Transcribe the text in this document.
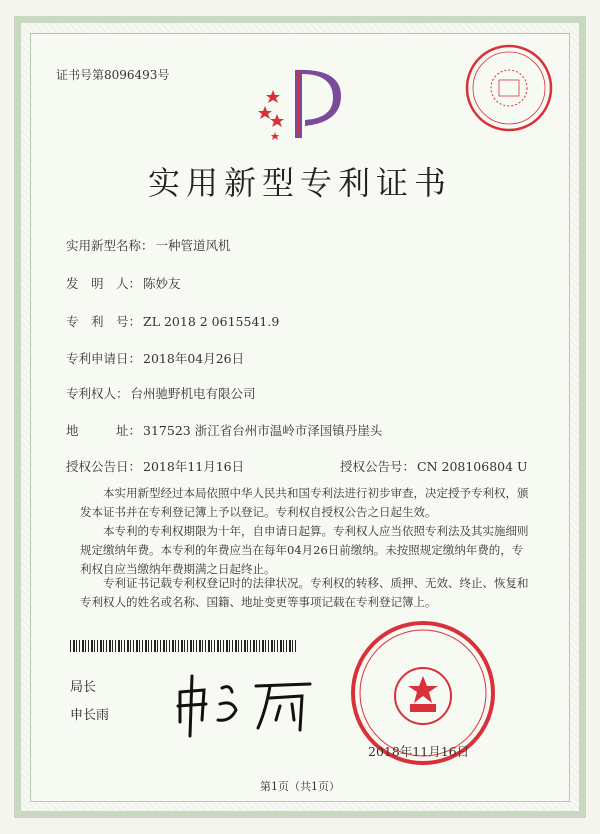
证书号第8096493号
实用新型专利证书
实用新型名称： 一种管道风机
发　明　人： 陈妙友
专　利　号： ZL 2018 2 0615541.9
专利申请日： 2018年04月26日
专利权人： 台州驰野机电有限公司
地　　　址： 317523 浙江省台州市温岭市泽国镇丹崖头
授权公告日： 2018年11月16日	授权公告号： CN 208106804 U
本实用新型经过本局依照中华人民共和国专利法进行初步审查，决定授予专利权，颁发本证书并在专利登记簿上予以登记。专利权自授权公告之日起生效。
本专利的专利权期限为十年，自申请日起算。专利权人应当依照专利法及其实施细则规定缴纳年费。本专利的年费应当在每年04月26日前缴纳。未按照规定缴纳年费的，专利权自应当缴纳年费期满之日起终止。
专利证书记载专利权登记时的法律状况。专利权的转移、质押、无效、终止、恢复和专利权人的姓名或名称、国籍、地址变更等事项记载在专利登记簿上。
局长
申长雨
2018年11月16日
第1页（共1页）
